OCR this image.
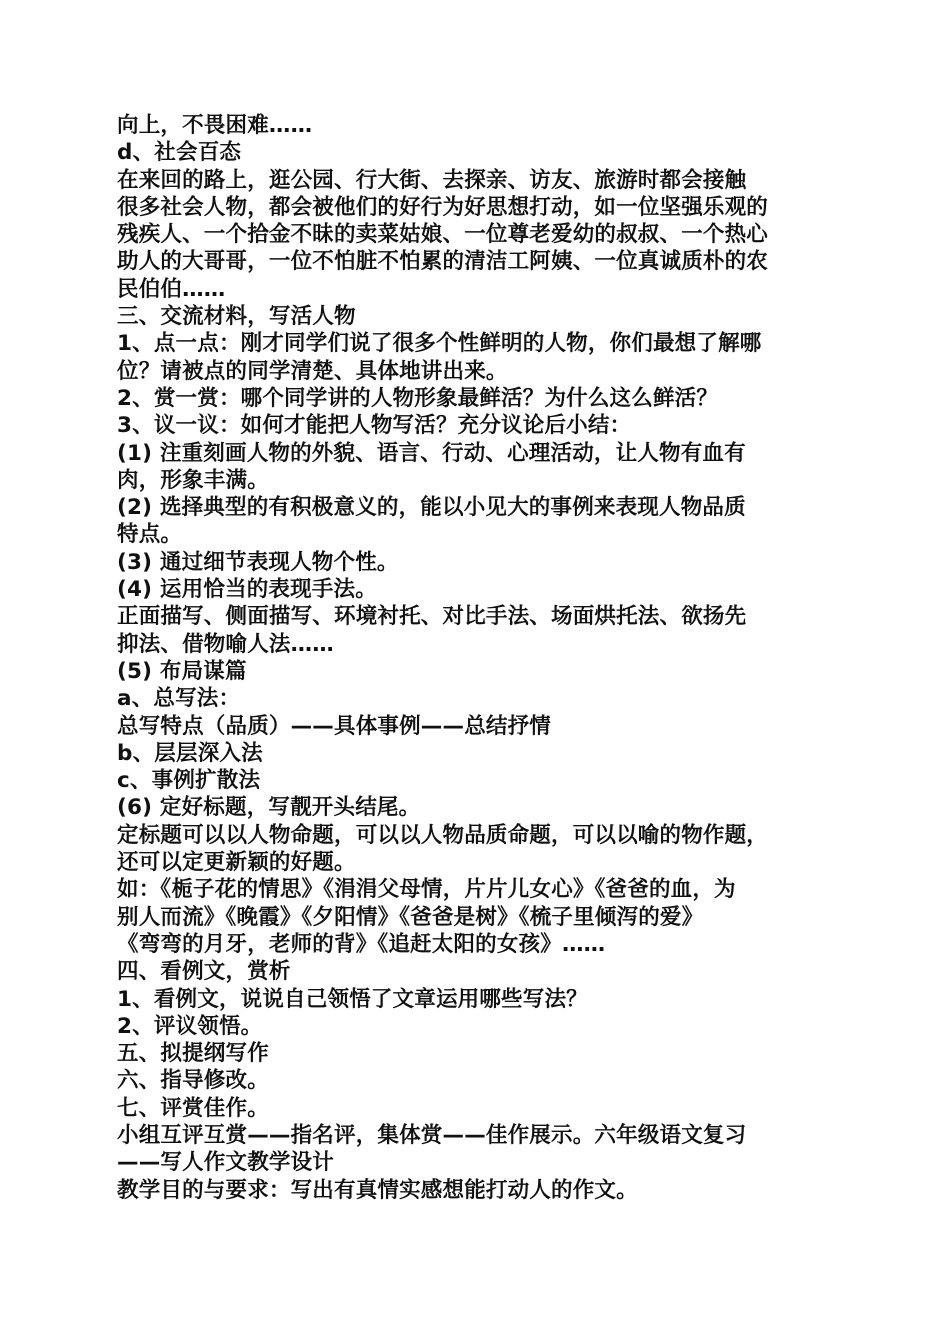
向上，不畏困难……
d、社会百态
在来回的路上，逛公园、行大街、去探亲、访友、旅游时都会接触
很多社会人物，都会被他们的好行为好思想打动，如一位坚强乐观的
残疾人、一个拾金不昧的卖菜姑娘、一位尊老爱幼的叔叔、一个热心
助人的大哥哥，一位不怕脏不怕累的清洁工阿姨、一位真诚质朴的农
民伯伯……
三、交流材料，写活人物
1、点一点：刚才同学们说了很多个性鲜明的人物，你们最想了解哪
位？请被点的同学清楚、具体地讲出来。
2、赏一赏：哪个同学讲的人物形象最鲜活？为什么这么鲜活？
3、议一议：如何才能把人物写活？充分议论后小结：
(1) 注重刻画人物的外貌、语言、行动、心理活动，让人物有血有
肉，形象丰满。
(2) 选择典型的有积极意义的，能以小见大的事例来表现人物品质
特点。
(3) 通过细节表现人物个性。
(4) 运用恰当的表现手法。
正面描写、侧面描写、环境衬托、对比手法、场面烘托法、欲扬先
抑法、借物喻人法……
(5) 布局谋篇
a、总写法：
总写特点（品质）——具体事例——总结抒情
b、层层深入法
c、事例扩散法
(6) 定好标题，写靓开头结尾。
定标题可以以人物命题，可以以人物品质命题，可以以喻的物作题，
还可以定更新颖的好题。
如：《栀子花的情思》《涓涓父母情，片片儿女心》《爸爸的血，为
别人而流》《晚霞》《夕阳情》《爸爸是树》《梳子里倾泻的爱》
《弯弯的月牙，老师的背》《追赶太阳的女孩》……
四、看例文，赏析
1、看例文，说说自己领悟了文章运用哪些写法？
2、评议领悟。
五、拟提纲写作
六、指导修改。
七、评赏佳作。
小组互评互赏——指名评，集体赏——佳作展示。六年级语文复习
——写人作文教学设计
教学目的与要求：写出有真情实感想能打动人的作文。
